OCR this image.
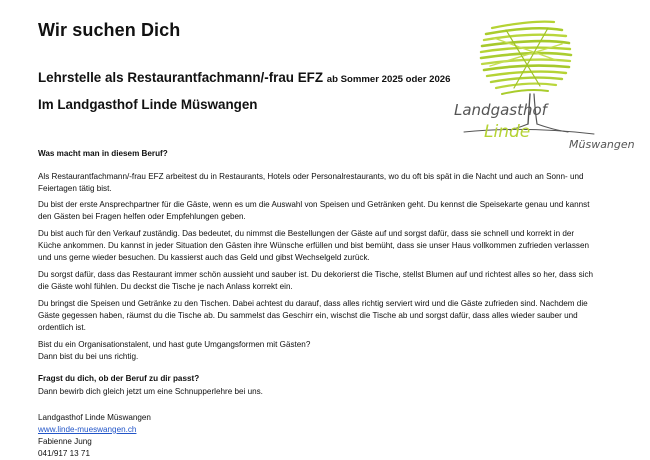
Wir suchen Dich
Lehrstelle als Restaurantfachmann/-frau EFZ ab Sommer 2025 oder 2026
Im Landgasthof Linde Müswangen	Landgasthof
Linde
Müswangen

Was macht man in diesem Beruf?

Als Restaurantfachmann/-frau EFZ arbeitest du in Restaurants, Hotels oder Personalrestaurants, wo du oft bis spät in die Nacht und auch an Sonn- und Feiertagen tätig bist.

Du bist der erste Ansprechpartner für die Gäste, wenn es um die Auswahl von Speisen und Getränken geht. Du kennst die Speisekarte genau und kannst den Gästen bei Fragen helfen oder Empfehlungen geben.

Du bist auch für den Verkauf zuständig. Das bedeutet, du nimmst die Bestellungen der Gäste auf und sorgst dafür, dass sie schnell und korrekt in der Küche ankommen. Du kannst in jeder Situation den Gästen ihre Wünsche erfüllen und bist bemüht, dass sie unser Haus vollkommen zufrieden verlassen und uns gerne wieder besuchen. Du kassierst auch das Geld und gibst Wechselgeld zurück.

Du sorgst dafür, dass das Restaurant immer schön aussieht und sauber ist. Du dekorierst die Tische, stellst Blumen auf und richtest alles so her, dass sich die Gäste wohl fühlen. Du deckst die Tische je nach Anlass korrekt ein.

Du bringst die Speisen und Getränke zu den Tischen. Dabei achtest du darauf, dass alles richtig serviert wird und die Gäste zufrieden sind. Nachdem die Gäste gegessen haben, räumst du die Tische ab. Du sammelst das Geschirr ein, wischst die Tische ab und sorgst dafür, dass alles wieder sauber und ordentlich ist.

Bist du ein Organisationstalent, und hast gute Umgangsformen mit Gästen?
Dann bist du bei uns richtig.

Fragst du dich, ob der Beruf zu dir passt?
Dann bewirb dich gleich jetzt um eine Schnupperlehre bei uns.

Landgasthof Linde Müswangen
www.linde-mueswangen.ch
Fabienne Jung
041/917 13 71
